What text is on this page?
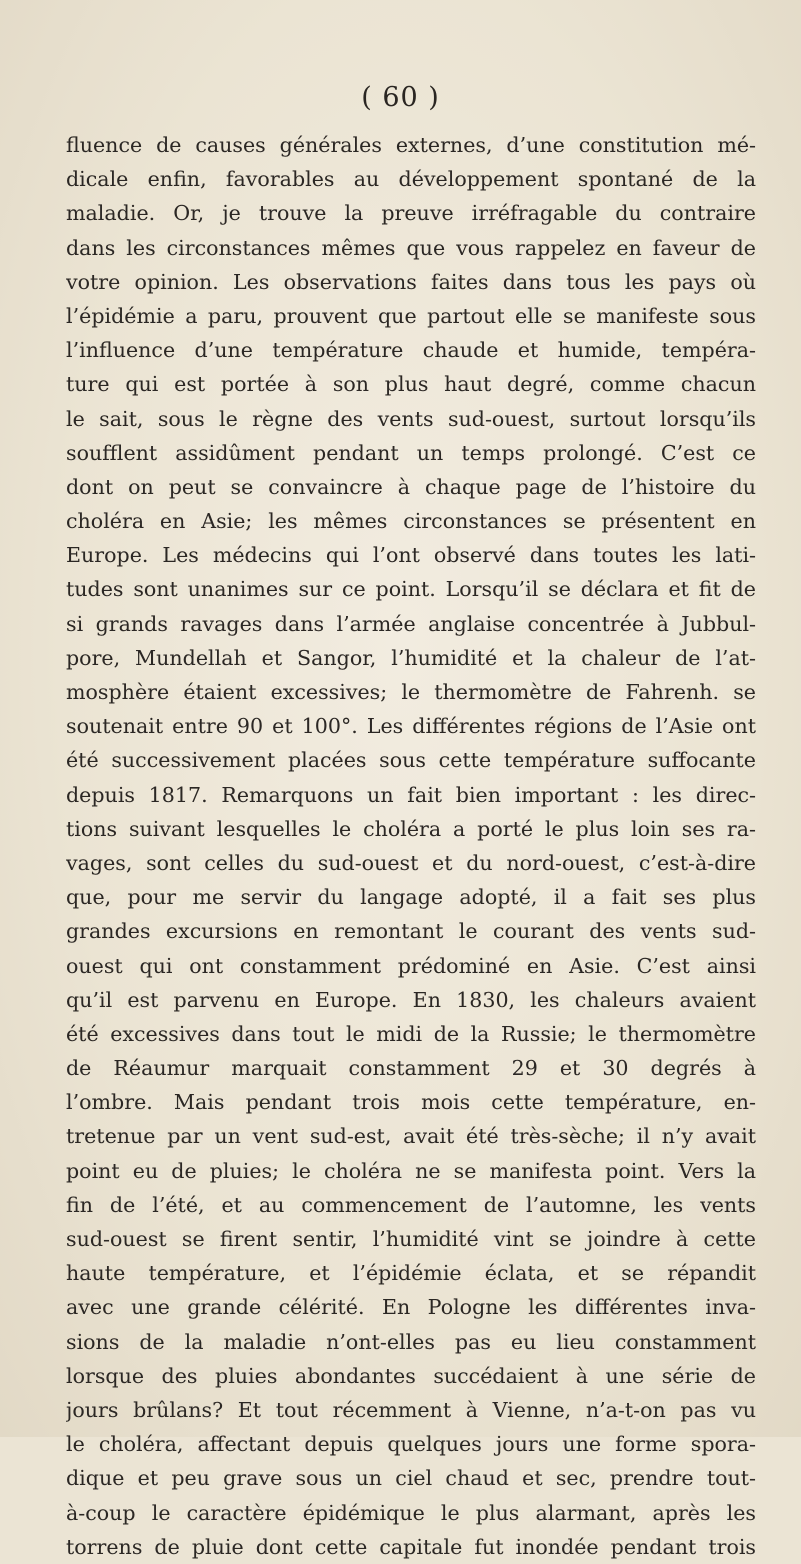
( 60 )
fluence de causes générales externes, d’une constitution mé-
dicale enfin, favorables au développement spontané de la
maladie. Or, je trouve la preuve irréfragable du contraire
dans les circonstances mêmes que vous rappelez en faveur de
votre opinion. Les observations faites dans tous les pays où
l’épidémie a paru, prouvent que partout elle se manifeste sous
l’influence d’une température chaude et humide, tempéra-
ture qui est portée à son plus haut degré, comme chacun
le sait, sous le règne des vents sud-ouest, surtout lorsqu’ils
soufflent assidûment pendant un temps prolongé. C’est ce
dont on peut se convaincre à chaque page de l’histoire du
choléra en Asie; les mêmes circonstances se présentent en
Europe. Les médecins qui l’ont observé dans toutes les lati-
tudes sont unanimes sur ce point. Lorsqu’il se déclara et fit de
si grands ravages dans l’armée anglaise concentrée à Jubbul-
pore, Mundellah et Sangor, l’humidité et la chaleur de l’at-
mosphère étaient excessives; le thermomètre de Fahrenh. se
soutenait entre 90 et 100°. Les différentes régions de l’Asie ont
été successivement placées sous cette température suffocante
depuis 1817. Remarquons un fait bien important : les direc-
tions suivant lesquelles le choléra a porté le plus loin ses ra-
vages, sont celles du sud-ouest et du nord-ouest, c’est-à-dire
que, pour me servir du langage adopté, il a fait ses plus
grandes excursions en remontant le courant des vents sud-
ouest qui ont constamment prédominé en Asie. C’est ainsi
qu’il est parvenu en Europe. En 1830, les chaleurs avaient
été excessives dans tout le midi de la Russie; le thermomètre
de Réaumur marquait constamment 29 et 30 degrés à
l’ombre. Mais pendant trois mois cette température, en-
tretenue par un vent sud-est, avait été très-sèche; il n’y avait
point eu de pluies; le choléra ne se manifesta point. Vers la
fin de l’été, et au commencement de l’automne, les vents
sud-ouest se firent sentir, l’humidité vint se joindre à cette
haute température, et l’épidémie éclata, et se répandit
avec une grande célérité. En Pologne les différentes inva-
sions de la maladie n’ont-elles pas eu lieu constamment
lorsque des pluies abondantes succédaient à une série de
jours brûlans? Et tout récemment à Vienne, n’a-t-on pas vu
le choléra, affectant depuis quelques jours une forme spora-
dique et peu grave sous un ciel chaud et sec, prendre tout-
à-coup le caractère épidémique le plus alarmant, après les
torrens de pluie dont cette capitale fut inondée pendant trois
